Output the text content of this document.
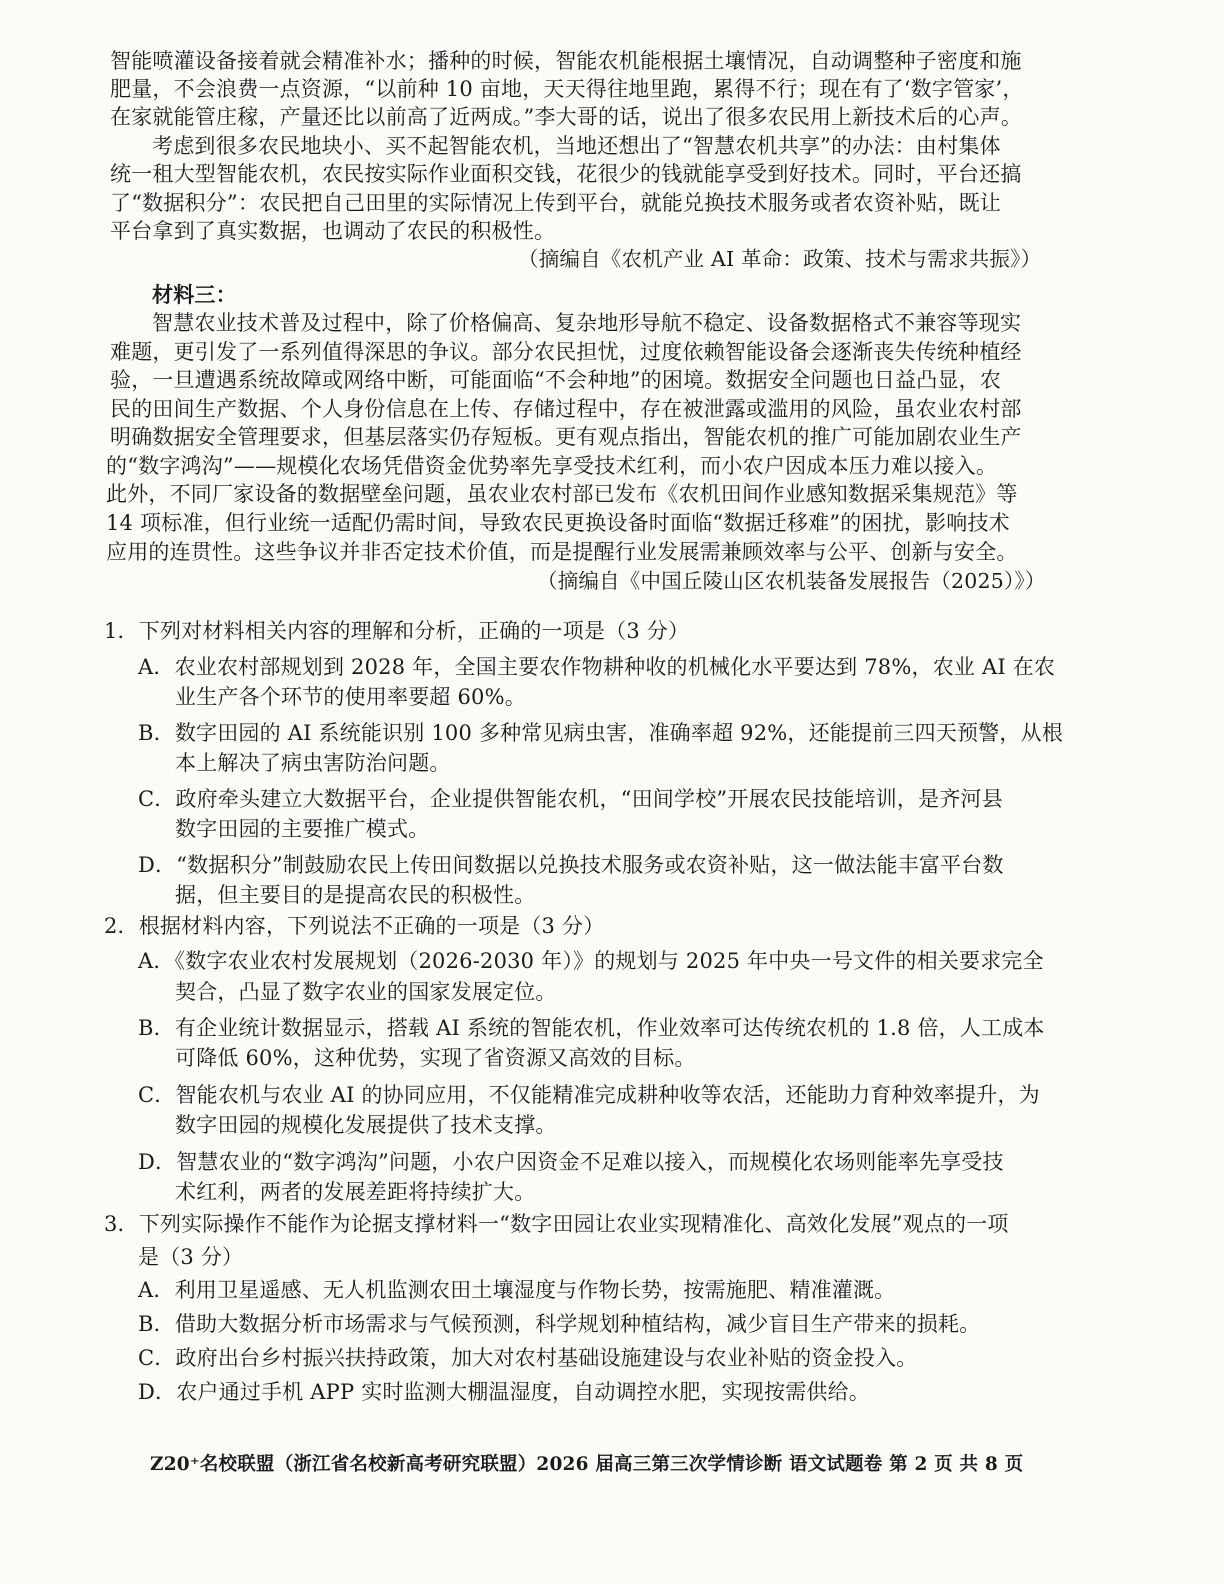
智能喷灌设备接着就会精准补水；播种的时候，智能农机能根据土壤情况，自动调整种子密度和施
肥量，不会浪费一点资源，“以前种 10 亩地，天天得往地里跑，累得不行；现在有了‘数字管家’，
在家就能管庄稼，产量还比以前高了近两成。”李大哥的话，说出了很多农民用上新技术后的心声。
考虑到很多农民地块小、买不起智能农机，当地还想出了“智慧农机共享”的办法：由村集体
统一租大型智能农机，农民按实际作业面积交钱，花很少的钱就能享受到好技术。同时，平台还搞
了“数据积分”：农民把自己田里的实际情况上传到平台，就能兑换技术服务或者农资补贴，既让
平台拿到了真实数据，也调动了农民的积极性。
（摘编自《农机产业 AI 革命：政策、技术与需求共振》）
材料三：
智慧农业技术普及过程中，除了价格偏高、复杂地形导航不稳定、设备数据格式不兼容等现实
难题，更引发了一系列值得深思的争议。部分农民担忧，过度依赖智能设备会逐渐丧失传统种植经
验，一旦遭遇系统故障或网络中断，可能面临“不会种地”的困境。数据安全问题也日益凸显，农
民的田间生产数据、个人身份信息在上传、存储过程中，存在被泄露或滥用的风险，虽农业农村部
明确数据安全管理要求，但基层落实仍存短板。更有观点指出，智能农机的推广可能加剧农业生产
的“数字鸿沟”——规模化农场凭借资金优势率先享受技术红利，而小农户因成本压力难以接入。
此外，不同厂家设备的数据壁垒问题，虽农业农村部已发布《农机田间作业感知数据采集规范》等
14 项标准，但行业统一适配仍需时间，导致农民更换设备时面临“数据迁移难”的困扰，影响技术
应用的连贯性。这些争议并非否定技术价值，而是提醒行业发展需兼顾效率与公平、创新与安全。
（摘编自《中国丘陵山区农机装备发展报告（2025）》）
1．下列对材料相关内容的理解和分析，正确的一项是（3 分）
A．农业农村部规划到 2028 年，全国主要农作物耕种收的机械化水平要达到 78%，农业 AI 在农
业生产各个环节的使用率要超 60%。
B．数字田园的 AI 系统能识别 100 多种常见病虫害，准确率超 92%，还能提前三四天预警，从根
本上解决了病虫害防治问题。
C．政府牵头建立大数据平台，企业提供智能农机，“田间学校”开展农民技能培训，是齐河县
数字田园的主要推广模式。
D．“数据积分”制鼓励农民上传田间数据以兑换技术服务或农资补贴，这一做法能丰富平台数
据，但主要目的是提高农民的积极性。
2．根据材料内容，下列说法不正确的一项是（3 分）
A．《数字农业农村发展规划（2026-2030 年）》的规划与 2025 年中央一号文件的相关要求完全
契合，凸显了数字农业的国家发展定位。
B．有企业统计数据显示，搭载 AI 系统的智能农机，作业效率可达传统农机的 1.8 倍，人工成本
可降低 60%，这种优势，实现了省资源又高效的目标。
C．智能农机与农业 AI 的协同应用，不仅能精准完成耕种收等农活，还能助力育种效率提升，为
数字田园的规模化发展提供了技术支撑。
D．智慧农业的“数字鸿沟”问题，小农户因资金不足难以接入，而规模化农场则能率先享受技
术红利，两者的发展差距将持续扩大。
3．下列实际操作不能作为论据支撑材料一“数字田园让农业实现精准化、高效化发展”观点的一项
是（3 分）
A．利用卫星遥感、无人机监测农田土壤湿度与作物长势，按需施肥、精准灌溉。
B．借助大数据分析市场需求与气候预测，科学规划种植结构，减少盲目生产带来的损耗。
C．政府出台乡村振兴扶持政策，加大对农村基础设施建设与农业补贴的资金投入。
D．农户通过手机 APP 实时监测大棚温湿度，自动调控水肥，实现按需供给。
Z20⁺名校联盟（浙江省名校新高考研究联盟）2026 届高三第三次学情诊断 语文试题卷 第 2 页 共 8 页
